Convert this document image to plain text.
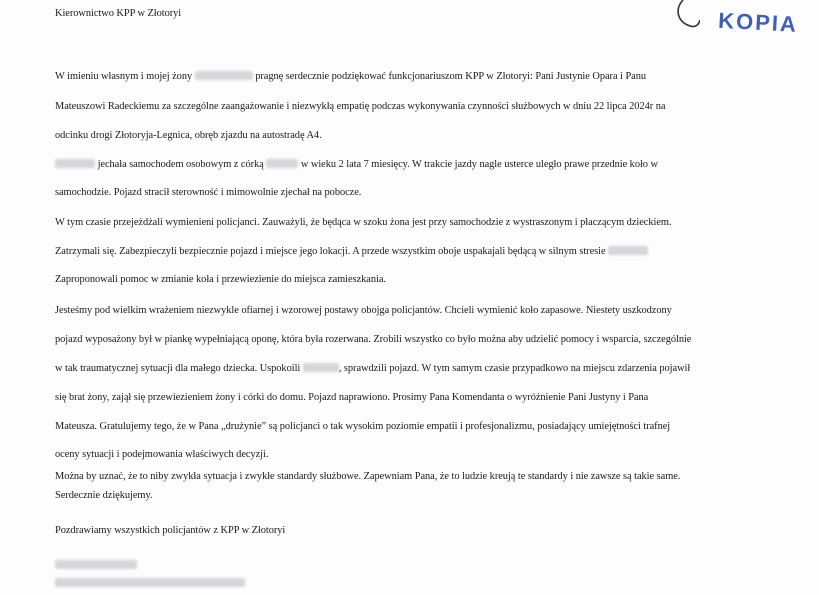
KOPIA
Kierownictwo KPP w Złotoryi
W imieniu własnym i mojej żony	pragnę serdecznie podziękować funkcjonariuszom KPP w Złotoryi: Pani Justynie Opara i Panu
Mateuszowi Radeckiemu za szczególne zaangażowanie i niezwykłą empatię podczas wykonywania czynności służbowych w dniu 22 lipca 2024r na
odcinku drogi Złotoryja-Legnica, obręb zjazdu na autostradę A4.
jechała samochodem osobowym z córką	w wieku 2 lata 7 miesięcy. W trakcie jazdy nagle usterce uległo prawe przednie koło w
samochodzie. Pojazd stracił sterowność i mimowolnie zjechał na pobocze.
W tym czasie przejeżdżali wymienieni policjanci. Zauważyli, że będąca w szoku żona jest przy samochodzie z wystraszonym i płaczącym dzieckiem.
Zatrzymali się. Zabezpieczyli bezpiecznie pojazd i miejsce jego lokacji. A przede wszystkim oboje uspakajali będącą w silnym stresie
Zaproponowali pomoc w zmianie koła i przewiezienie do miejsca zamieszkania.
Jesteśmy pod wielkim wrażeniem niezwykle ofiarnej i wzorowej postawy obojga policjantów. Chcieli wymienić koło zapasowe. Niestety uszkodzony
pojazd wyposażony był w piankę wypełniającą oponę, która była rozerwana. Zrobili wszystko co było można aby udzielić pomocy i wsparcia, szczególnie
w tak traumatycznej sytuacji dla małego dziecka. Uspokoili	, sprawdzili pojazd. W tym samym czasie przypadkowo na miejscu zdarzenia pojawił
się brat żony, zajął się przewiezieniem żony i córki do domu. Pojazd naprawiono. Prosimy Pana Komendanta o wyróżnienie Pani Justyny i Pana
Mateusza. Gratulujemy tego, że w Pana „drużynie” są policjanci o tak wysokim poziomie empatii i profesjonalizmu, posiadający umiejętności trafnej
oceny sytuacji i podejmowania właściwych decyzji.
Można by uznać, że to niby zwykła sytuacja i zwykłe standardy służbowe. Zapewniam Pana, że to ludzie kreują te standardy i nie zawsze są takie same.
Serdecznie dziękujemy.
Pozdrawiamy wszystkich policjantów z KPP w Złotoryi
